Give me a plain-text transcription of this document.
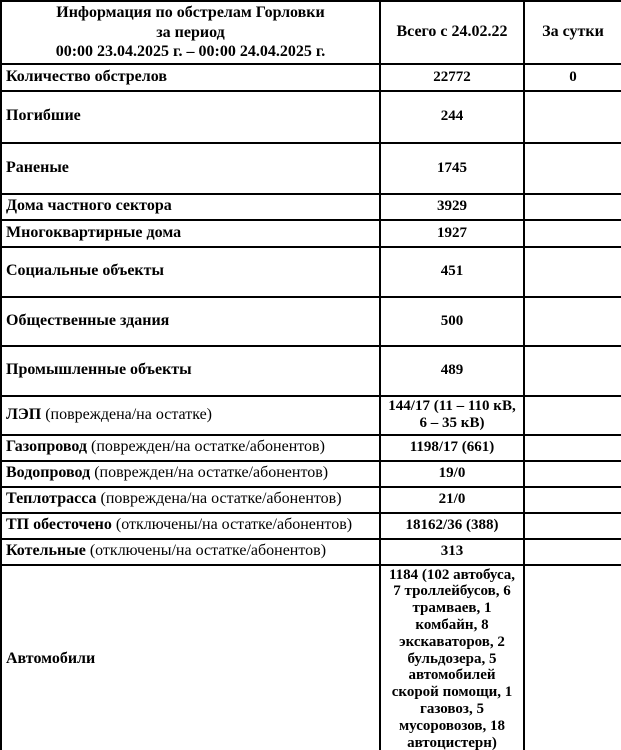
Информация по обстрелам Горловки
за период
00:00 23.04.2025 г. – 00:00 24.04.2025 г.	Всего с 24.02.22	За сутки
Количество обстрелов	22772	0
Погибшие	244	
Раненые	1745	
Дома частного сектора	3929	
Многоквартирные дома	1927	
Социальные объекты	451	
Общественные здания	500	
Промышленные объекты	489	
ЛЭП (повреждена/на остатке)	144/17 (11 – 110 кВ, 6 – 35 кВ)	
Газопровод (поврежден/на остатке/абонентов)	1198/17 (661)	
Водопровод (поврежден/на остатке/абонентов)	19/0	
Теплотрасса (повреждена/на остатке/абонентов)	21/0	
ТП обесточено (отключены/на остатке/абонентов)	18162/36 (388)	
Котельные (отключены/на остатке/абонентов)	313	
Автомобили	1184 (102 автобуса, 7 троллейбусов, 6 трамваев, 1 комбайн, 8 экскаваторов, 2 бульдозера, 5 автомобилей скорой помощи, 1 газовоз, 5 мусоровозов, 18 автоцистерн)	
